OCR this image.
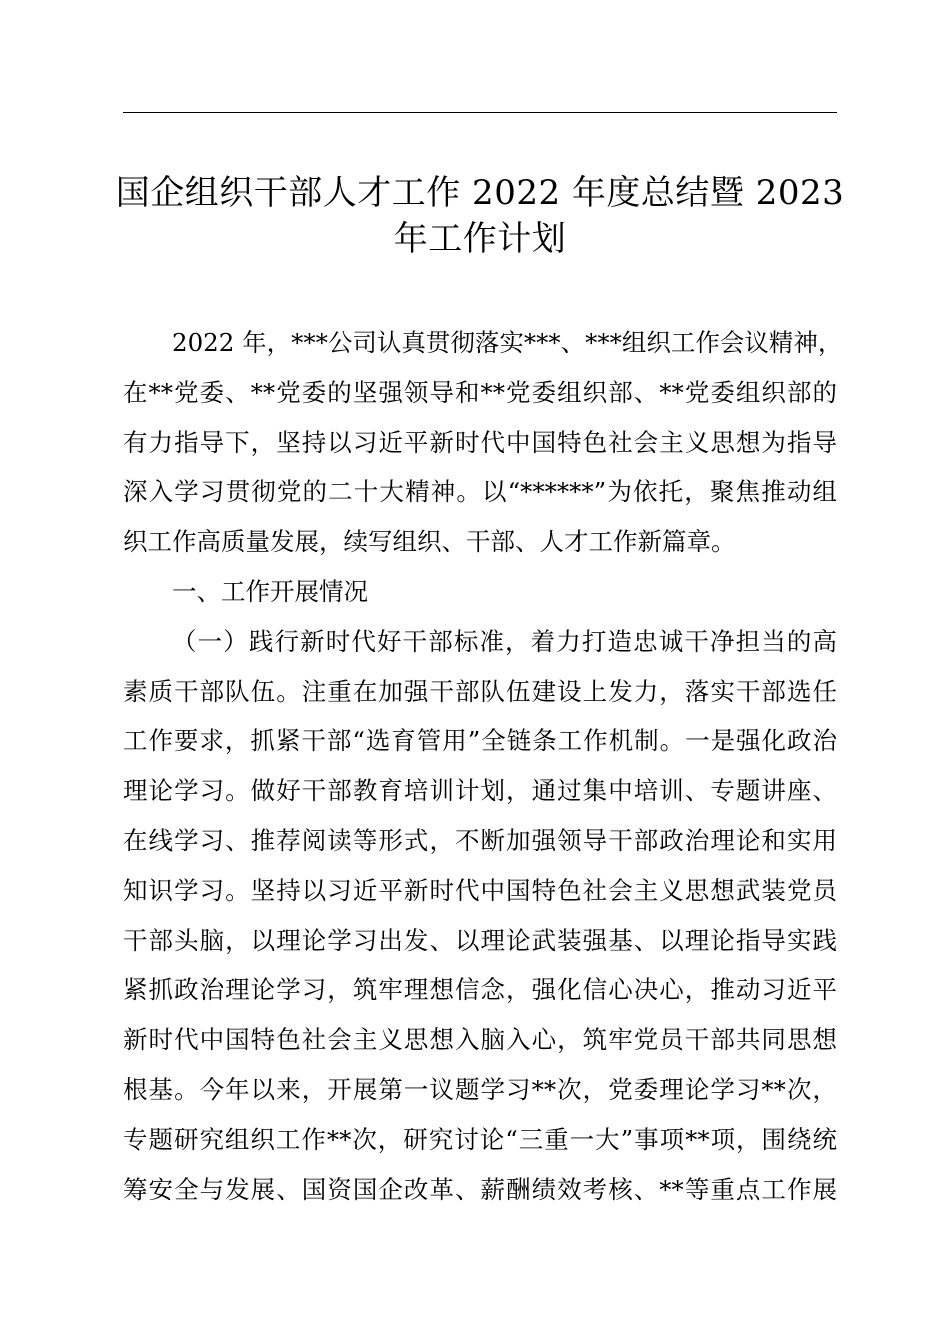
国企组织干部人才工作 2022 年度总结暨 2023
年工作计划
2022 年，***公司认真贯彻落实***、***组织工作会议精神，
在**党委、**党委的坚强领导和**党委组织部、**党委组织部的
有力指导下，坚持以习近平新时代中国特色社会主义思想为指导
深入学习贯彻党的二十大精神。以“******”为依托，聚焦推动组
织工作高质量发展，续写组织、干部、人才工作新篇章。
一、工作开展情况
（一）践行新时代好干部标准，着力打造忠诚干净担当的高
素质干部队伍。注重在加强干部队伍建设上发力，落实干部选任
工作要求，抓紧干部“选育管用”全链条工作机制。一是强化政治
理论学习。做好干部教育培训计划，通过集中培训、专题讲座、
在线学习、推荐阅读等形式，不断加强领导干部政治理论和实用
知识学习。坚持以习近平新时代中国特色社会主义思想武装党员
干部头脑，以理论学习出发、以理论武装强基、以理论指导实践
紧抓政治理论学习，筑牢理想信念，强化信心决心，推动习近平
新时代中国特色社会主义思想入脑入心，筑牢党员干部共同思想
根基。今年以来，开展第一议题学习**次，党委理论学习**次，
专题研究组织工作**次，研究讨论“三重一大”事项**项，围绕统
筹安全与发展、国资国企改革、薪酬绩效考核、**等重点工作展
